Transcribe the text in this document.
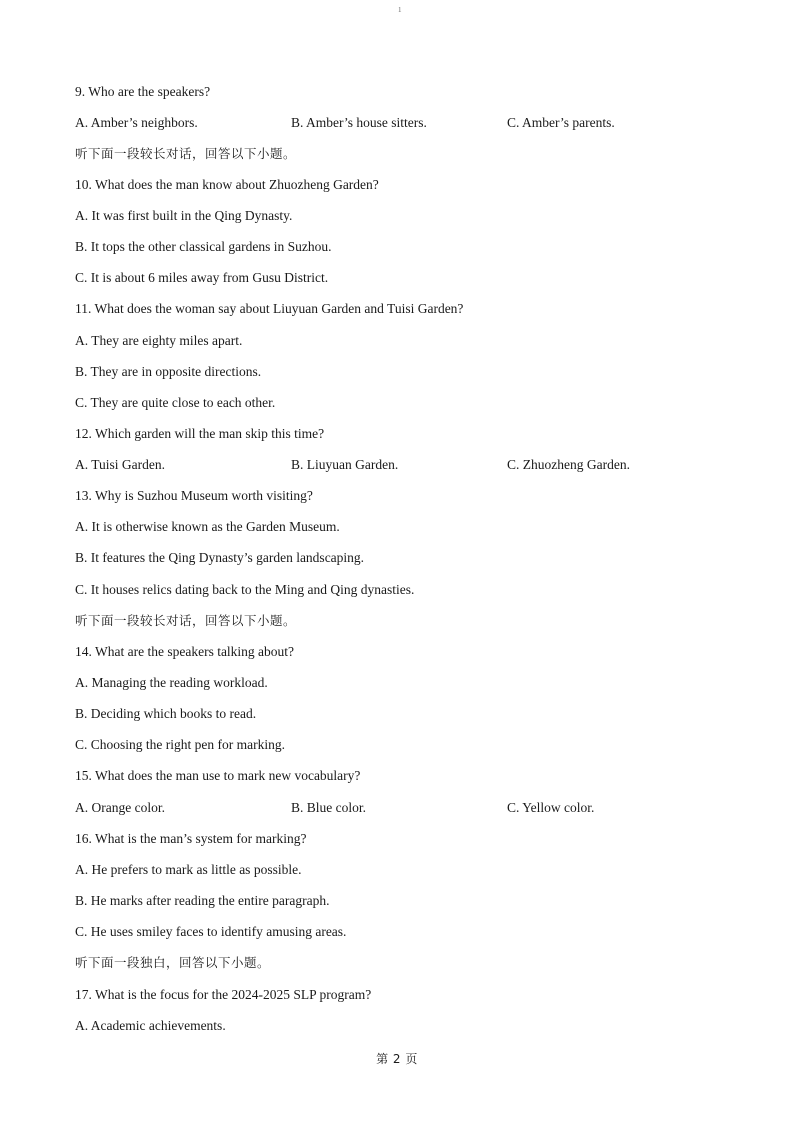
1
9. Who are the speakers?
A. Amber’s neighbors.	B. Amber’s house sitters.	C. Amber’s parents.
听下面一段较长对话，回答以下小题。
10. What does the man know about Zhuozheng Garden?
A. It was first built in the Qing Dynasty.
B. It tops the other classical gardens in Suzhou.
C. It is about 6 miles away from Gusu District.
11. What does the woman say about Liuyuan Garden and Tuisi Garden?
A. They are eighty miles apart.
B. They are in opposite directions.
C. They are quite close to each other.
12. Which garden will the man skip this time?
A. Tuisi Garden.	B. Liuyuan Garden.	C. Zhuozheng Garden.
13. Why is Suzhou Museum worth visiting?
A. It is otherwise known as the Garden Museum.
B. It features the Qing Dynasty’s garden landscaping.
C. It houses relics dating back to the Ming and Qing dynasties.
听下面一段较长对话，回答以下小题。
14. What are the speakers talking about?
A. Managing the reading workload.
B. Deciding which books to read.
C. Choosing the right pen for marking.
15. What does the man use to mark new vocabulary?
A. Orange color.	B. Blue color.	C. Yellow color.
16. What is the man’s system for marking?
A. He prefers to mark as little as possible.
B. He marks after reading the entire paragraph.
C. He uses smiley faces to identify amusing areas.
听下面一段独白，回答以下小题。
17. What is the focus for the 2024-2025 SLP program?
A. Academic achievements.
第 2 页
